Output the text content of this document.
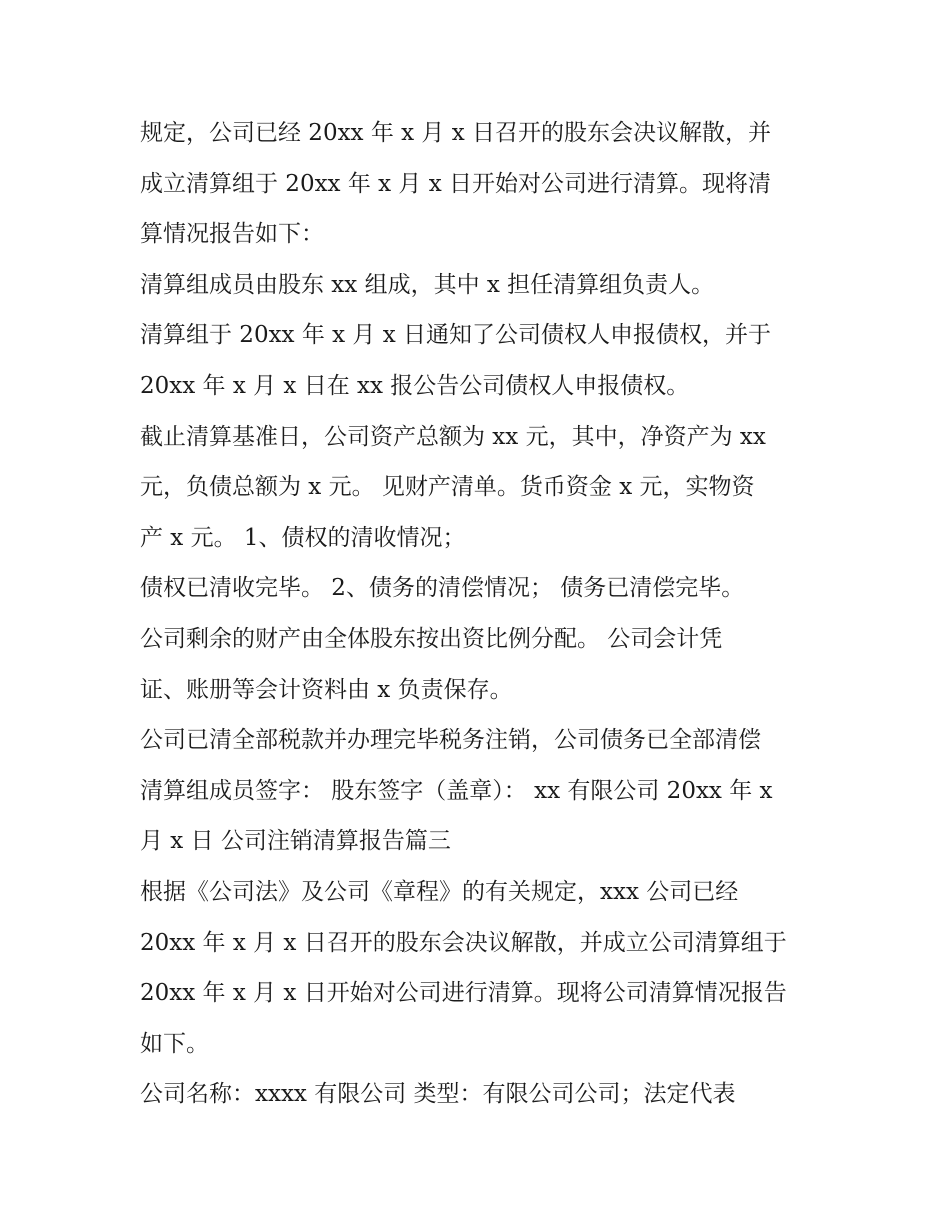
规定，公司已经 20xx 年 x 月 x 日召开的股东会决议解散，并
成立清算组于 20xx 年 x 月 x 日开始对公司进行清算。现将清
算情况报告如下：
清算组成员由股东 xx 组成，其中 x 担任清算组负责人。
清算组于 20xx 年 x 月 x 日通知了公司债权人申报债权，并于
20xx 年 x 月 x 日在 xx 报公告公司债权人申报债权。
截止清算基准日，公司资产总额为 xx 元，其中，净资产为 xx
元，负债总额为 x 元。 见财产清单。货币资金 x 元，实物资
产 x 元。 1、债权的清收情况；
债权已清收完毕。 2、债务的清偿情况； 债务已清偿完毕。
公司剩余的财产由全体股东按出资比例分配。 公司会计凭
证、账册等会计资料由 x 负责保存。
公司已清全部税款并办理完毕税务注销，公司债务已全部清偿
清算组成员签字： 股东签字（盖章）： xx 有限公司 20xx 年 x
月 x 日 公司注销清算报告篇三
根据《公司法》及公司《章程》的有关规定，xxx 公司已经
20xx 年 x 月 x 日召开的股东会决议解散，并成立公司清算组于
20xx 年 x 月 x 日开始对公司进行清算。现将公司清算情况报告
如下。
公司名称：xxxx 有限公司 类型：有限公司公司；法定代表
